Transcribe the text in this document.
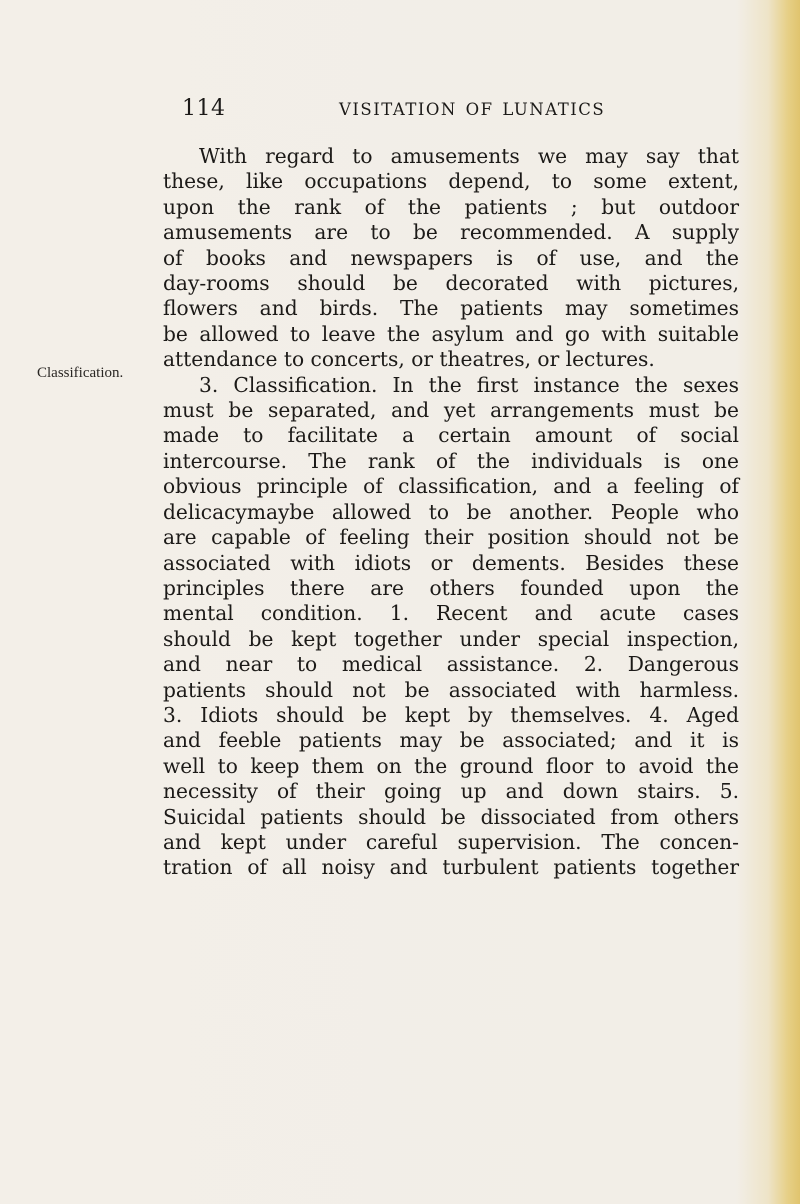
114	VISITATION OF LUNATICS
Classification.
With regard to amusements we may say that
these, like occupations depend, to some extent,
upon the rank of the patients ; but outdoor
amusements are to be recommended. A supply
of books and newspapers is of use, and the
day-rooms should be decorated with pictures,
flowers and birds. The patients may sometimes
be allowed to leave the asylum and go with suitable
attendance to concerts, or theatres, or lectures.
3. Classification. In the first instance the sexes
must be separated, and yet arrangements must be
made to facilitate a certain amount of social
intercourse. The rank of the individuals is one
obvious principle of classification, and a feeling of
delicacymaybe allowed to be another. People who
are capable of feeling their position should not be
associated with idiots or dements. Besides these
principles there are others founded upon the
mental condition. 1. Recent and acute cases
should be kept together under special inspection,
and near to medical assistance. 2. Dangerous
patients should not be associated with harmless.
3. Idiots should be kept by themselves. 4. Aged
and feeble patients may be associated; and it is
well to keep them on the ground floor to avoid the
necessity of their going up and down stairs. 5.
Suicidal patients should be dissociated from others
and kept under careful supervision. The concen-
tration of all noisy and turbulent patients together
